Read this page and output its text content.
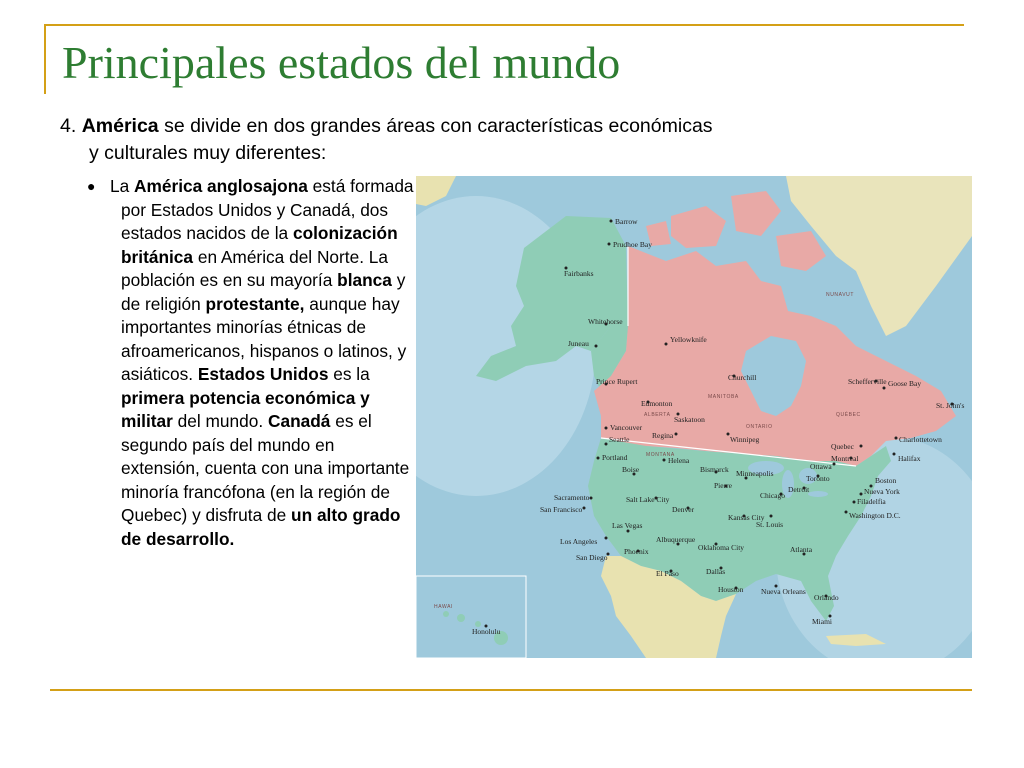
Principales estados del mundo
4. América se divide en dos grandes áreas con características económicas
y culturales muy diferentes:
● La América anglosajona está formada por Estados Unidos y Canadá, dos estados nacidos de la colonización británica en América del Norte. La población es en su mayoría blanca y de religión protestante, aunque hay importantes minorías étnicas de afroamericanos, hispanos o latinos, y asiáticos. Estados Unidos es la primera potencia económica y militar del mundo. Canadá es el segundo país del mundo en extensión, cuenta con una importante minoría francófona (en la región de Quebec) y disfruta de un alto grado de desarrollo.
NUNAVUT
ONTARIO
MANITOBA
ALBERTA	QUÉBEC
MONTANA
HAWAI
Barrow
Prudhoe Bay
Fairbanks
Whitehorse
Yellowknife
Juneau
Prince Rupert	Churchill	Schefferville Goose Bay
St. John's
Edmonton
Saskatoon
Vancouver
Regina	Winnipeg
Quebec
Montreal
Ottawa
Toronto
Charlottetown
Halifax
Seattle
Portland	Helena
Bismarck Minneapolis
Boise
Pierre
Chicago
Detroit
Boston
Nueva York
Filadelfia
Washington D.C.
Sacramento
San Francisco
Salt Lake City
Denver
Kansas City
St. Louis
Los Angeles
Las Vegas
Phoenix
Albuquerque
Oklahoma City
Dallas
Houston Nueva Orleans
Atlanta
Miami
Orlando
San Diego
El Paso
Honolulu
